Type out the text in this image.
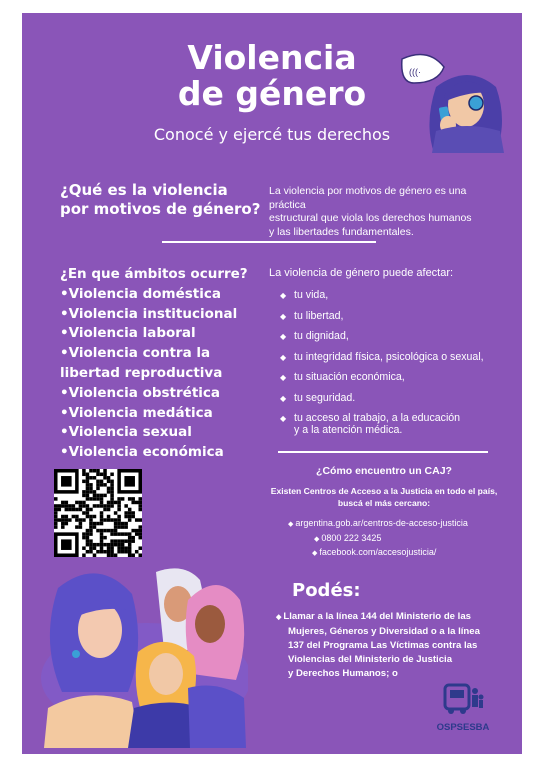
(((·
Violencia
de género
Conocé y ejercé tus derechos
¿Qué es la violencia
por motivos de género?
La violencia por motivos de género es una práctica
estructural que viola los derechos humanos
y las libertades fundamentales.
¿En que ámbitos ocurre?
•Violencia doméstica
•Violencia institucional
•Violencia laboral
•Violencia contra la
libertad reproductiva
•Violencia obstrética
•Violencia medática
•Violencia sexual
•Violencia económica
La violencia de género puede afectar:
◆ tu vida,
◆ tu libertad,
◆ tu dignidad,
◆ tu integridad física, psicológica o sexual,
◆ tu situación económica,
◆ tu seguridad.
◆ tu acceso al trabajo, a la educación
y a la atención médica.
¿Cómo encuentro un CAJ?
Existen Centros de Acceso a la Justicia en todo el país,
buscá el más cercano:
◆ argentina.gob.ar/centros-de-acceso-justicia
◆ 0800 222 3425
◆ facebook.com/accesojusticia/
Podés:
◆ Llamar a la línea 144 del Ministerio de las
Mujeres, Géneros y Diversidad o a la línea
137 del Programa Las Víctimas contra las
Violencias del Ministerio de Justicia
y Derechos Humanos; o
OSPSESBA
